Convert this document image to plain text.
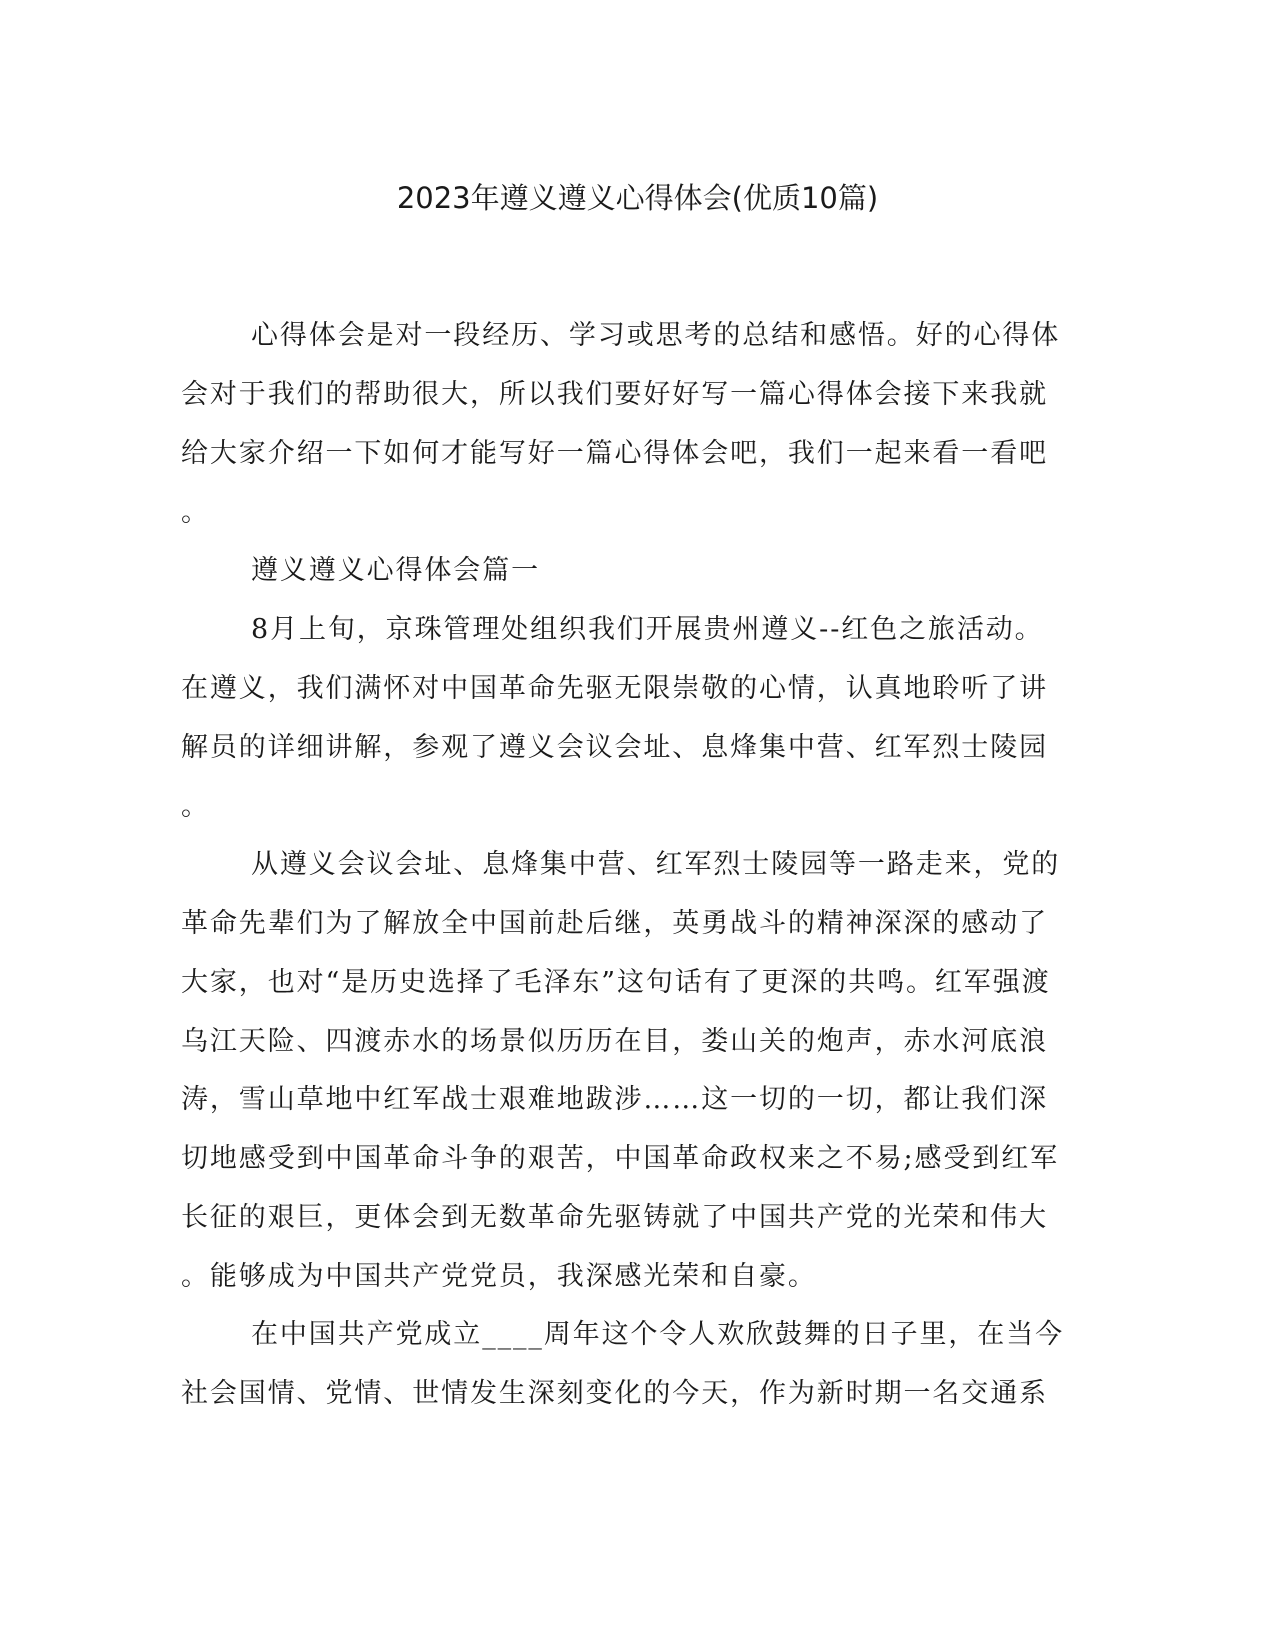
2023年遵义遵义心得体会(优质10篇)
心得体会是对一段经历、学习或思考的总结和感悟。好的心得体
会对于我们的帮助很大，所以我们要好好写一篇心得体会接下来我就
给大家介绍一下如何才能写好一篇心得体会吧，我们一起来看一看吧
。
遵义遵义心得体会篇一
8月上旬，京珠管理处组织我们开展贵州遵义--红色之旅活动。
在遵义，我们满怀对中国革命先驱无限崇敬的心情，认真地聆听了讲
解员的详细讲解，参观了遵义会议会址、息烽集中营、红军烈士陵园
。
从遵义会议会址、息烽集中营、红军烈士陵园等一路走来，党的
革命先辈们为了解放全中国前赴后继，英勇战斗的精神深深的感动了
大家，也对“是历史选择了毛泽东”这句话有了更深的共鸣。红军强渡
乌江天险、四渡赤水的场景似历历在目，娄山关的炮声，赤水河底浪
涛，雪山草地中红军战士艰难地跋涉……这一切的一切，都让我们深
切地感受到中国革命斗争的艰苦，中国革命政权来之不易;感受到红军
长征的艰巨，更体会到无数革命先驱铸就了中国共产党的光荣和伟大
。能够成为中国共产党党员，我深感光荣和自豪。
在中国共产党成立____周年这个令人欢欣鼓舞的日子里，在当今
社会国情、党情、世情发生深刻变化的今天，作为新时期一名交通系
